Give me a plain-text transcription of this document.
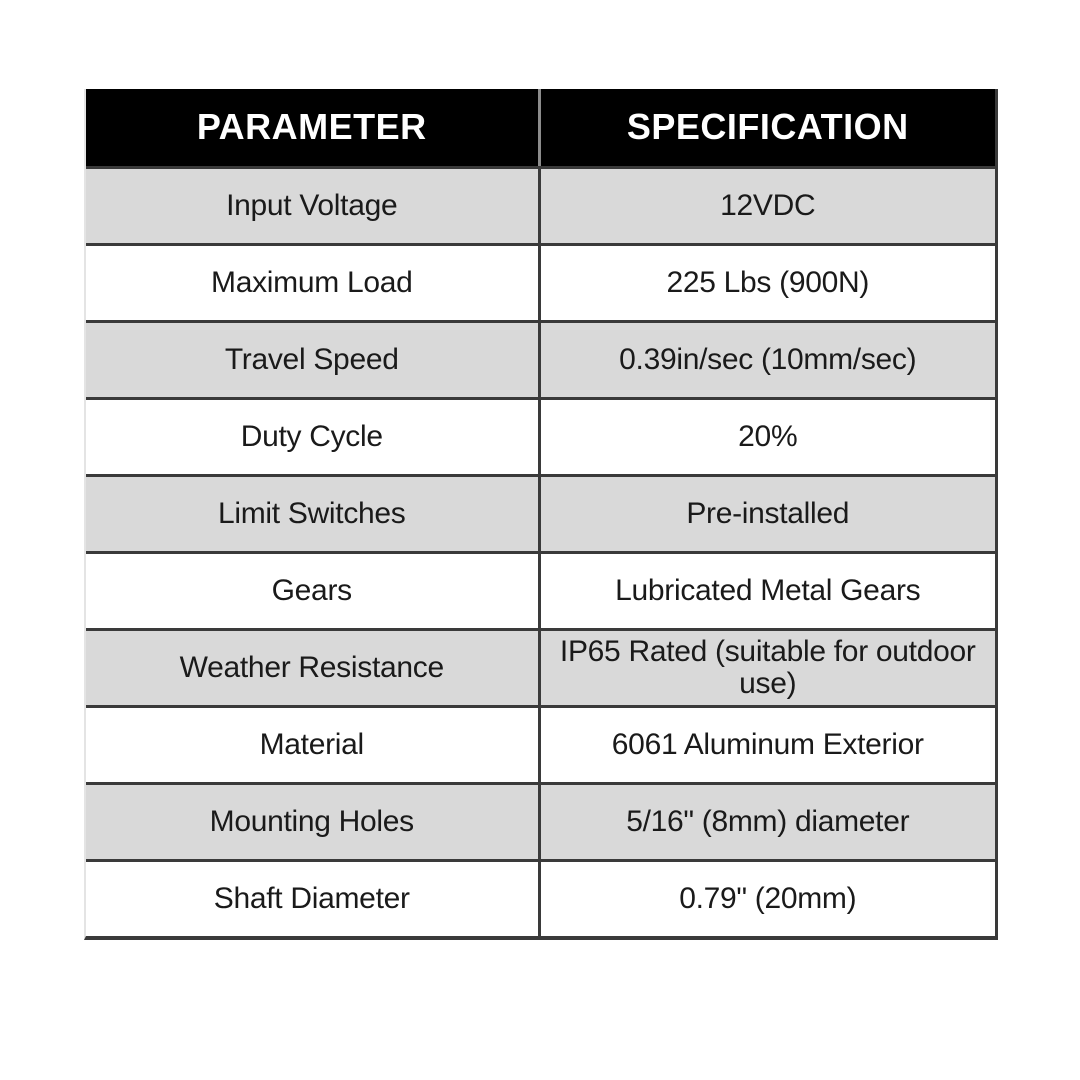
PARAMETER	SPECIFICATION
Input Voltage	12VDC
Maximum Load	225 Lbs (900N)
Travel Speed	0.39in/sec (10mm/sec)
Duty Cycle	20%
Limit Switches	Pre-installed
Gears	Lubricated Metal Gears
Weather Resistance	IP65 Rated (suitable for outdoor use)
Material	6061 Aluminum Exterior
Mounting Holes	5/16" (8mm) diameter
Shaft Diameter	0.79" (20mm)
